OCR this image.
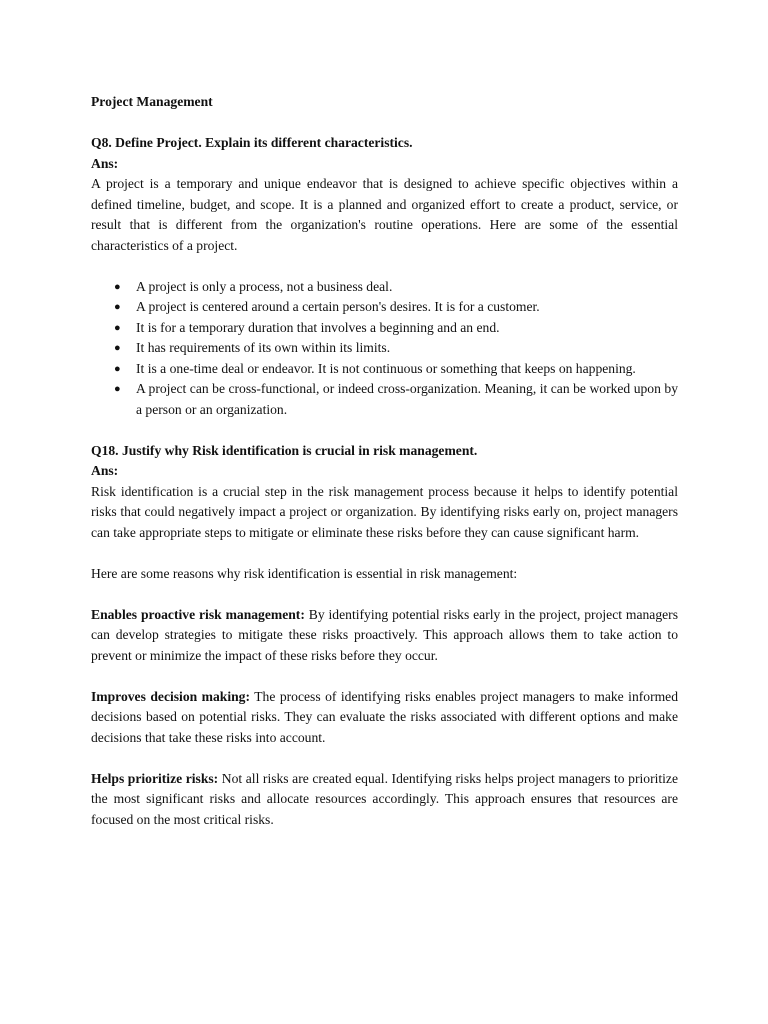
Project Management

Q8. Define Project. Explain its different characteristics.

Ans:

A project is a temporary and unique endeavor that is designed to achieve specific objectives within a defined timeline, budget, and scope. It is a planned and organized effort to create a product, service, or result that is different from the organization's routine operations. Here are some of the essential characteristics of a project.

● A project is only a process, not a business deal.
● A project is centered around a certain person's desires. It is for a customer.
● It is for a temporary duration that involves a beginning and an end.
● It has requirements of its own within its limits.
● It is a one-time deal or endeavor. It is not continuous or something that keeps on happening.
● A project can be cross-functional, or indeed cross-organization. Meaning, it can be worked upon by a person or an organization.

Q18. Justify why Risk identification is crucial in risk management.

Ans:

Risk identification is a crucial step in the risk management process because it helps to identify potential risks that could negatively impact a project or organization. By identifying risks early on, project managers can take appropriate steps to mitigate or eliminate these risks before they can cause significant harm.

Here are some reasons why risk identification is essential in risk management:

Enables proactive risk management: By identifying potential risks early in the project, project managers can develop strategies to mitigate these risks proactively. This approach allows them to take action to prevent or minimize the impact of these risks before they occur.

Improves decision making: The process of identifying risks enables project managers to make informed decisions based on potential risks. They can evaluate the risks associated with different options and make decisions that take these risks into account.

Helps prioritize risks: Not all risks are created equal. Identifying risks helps project managers to prioritize the most significant risks and allocate resources accordingly. This approach ensures that resources are focused on the most critical risks.
